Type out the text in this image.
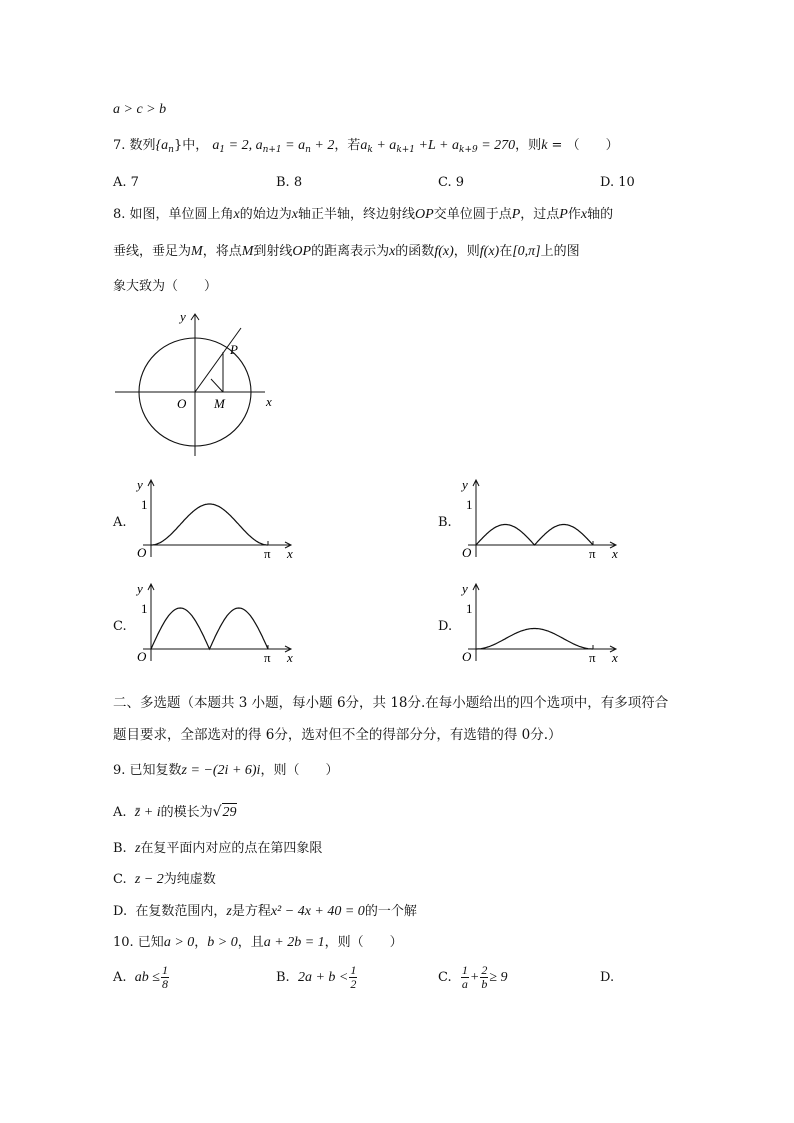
a > c > b
7. 数列$\{a_n\}$中， $a_1 = 2$, $a_{n+1} = a_n + 2$，若$a_k + a_{k+1} +L + a_{k+9} = 270$，则k = （　　）
A. 7	B. 8	C. 9	D. 10
8. 如图，单位圆上角x的始边为x轴正半轴，终边射线OP交单位圆于点P，过点P作x轴的
垂线，垂足为M，将点M到射线OP的距离表示为x的函数f(x)，则f(x)在[0,π]上的图
象大致为（　　）
y
P
O M	x
A.	B.
C.	D.
y
1
O	π x
y
1
O	π x
y
1
O	π x
y
1
O	π x
二、多选题（本题共 3 小题，每小题 6分，共 18分.在每小题给出的四个选项中，有多项符合
题目要求，全部选对的得 6分，选对但不全的得部分分，有选错的得 0分.）
9. 已知复数z = −(2i + 6)i，则（　　）
A. z̄ + i的模长为√29
B. z在复平面内对应的点在第四象限
C. z − 2为纯虚数
D. 在复数范围内，z是方程x² − 4x + 40 = 0的一个解
10. 已知a > 0，b > 0，且a + 2b = 1，则（　　）
A. ab ≤ $\frac{1}{8}$	B. $2a + b < \frac{1}{2}$	C. $\frac{1}{a} + \frac{2}{b} \ge 9$	D.
